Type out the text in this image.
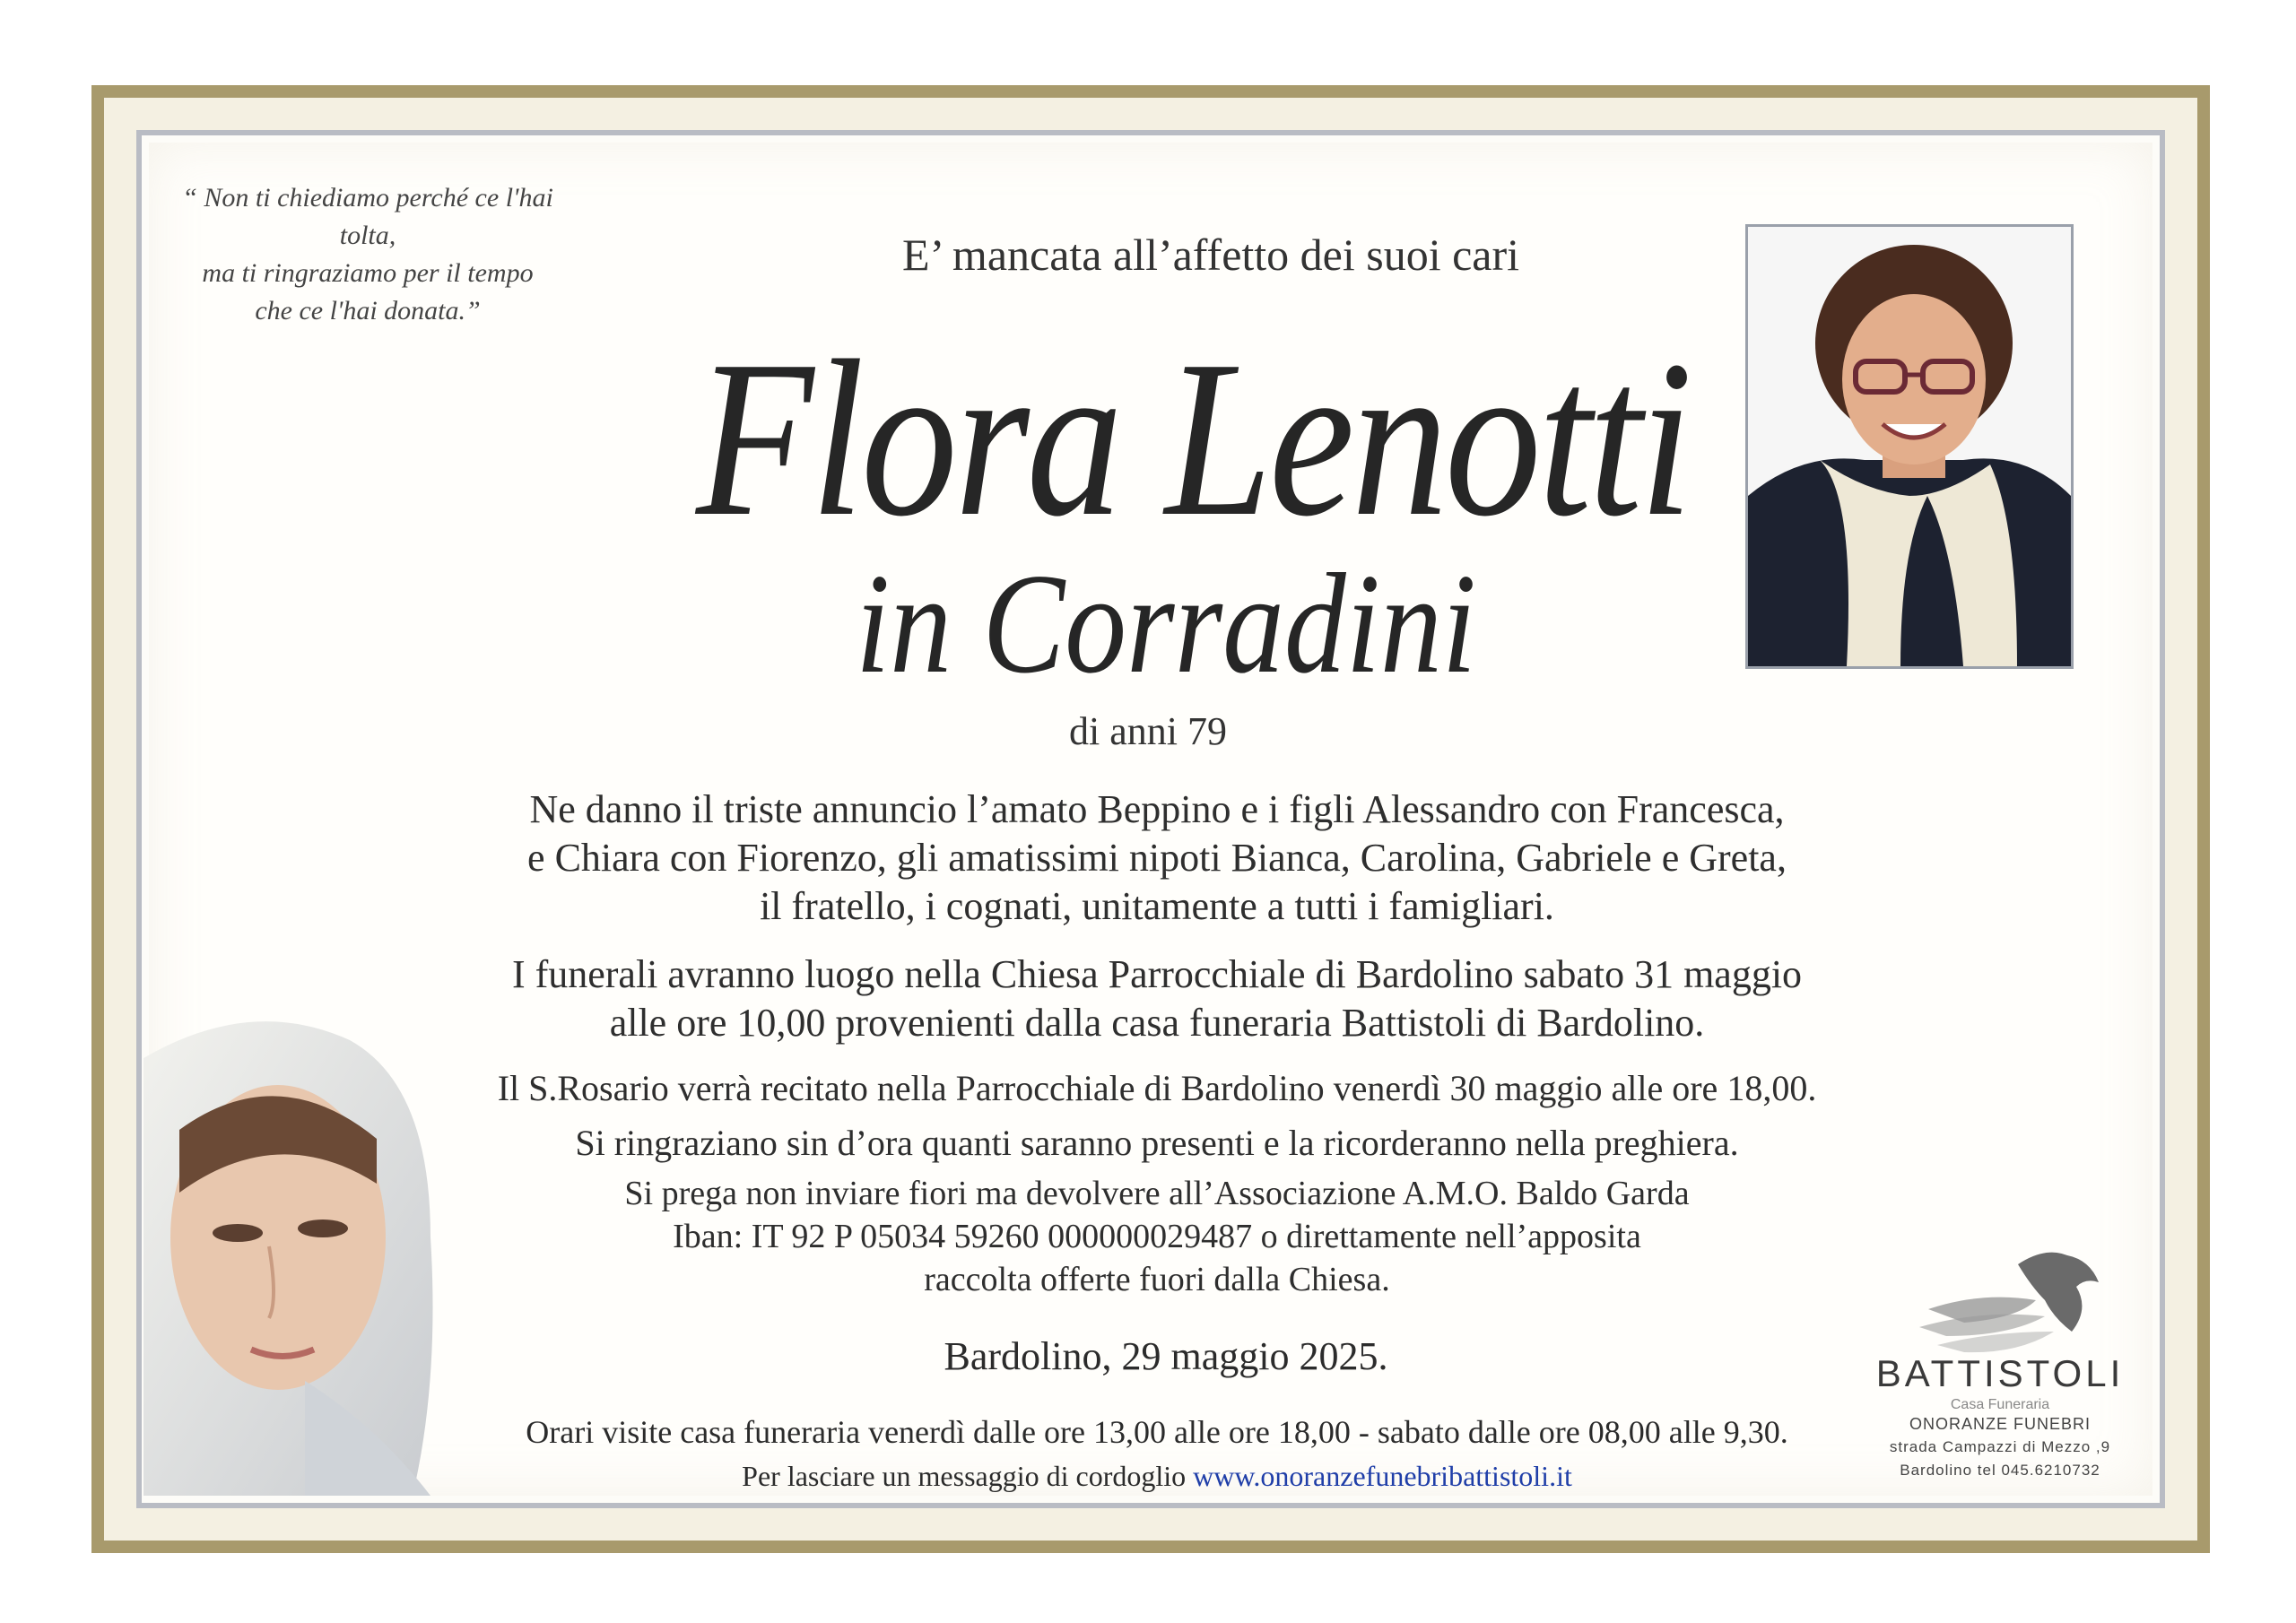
“ Non ti chiediamo perché ce l'hai tolta,
ma ti ringraziamo per il tempo
che ce l'hai donata.”
E’ mancata all’affetto dei suoi cari
Flora Lenotti
in Corradini
di anni 79
Ne danno il triste annuncio l’amato Beppino e i figli Alessandro con Francesca,
e Chiara con Fiorenzo, gli amatissimi nipoti Bianca, Carolina, Gabriele e Greta,
il fratello, i cognati, unitamente a tutti i famigliari.
I funerali avranno luogo nella Chiesa Parrocchiale di Bardolino sabato 31 maggio
alle ore 10,00 provenienti dalla casa funeraria Battistoli di Bardolino.
Il S.Rosario verrà recitato nella Parrocchiale di Bardolino venerdì 30 maggio alle ore 18,00.
Si ringraziano sin d’ora quanti saranno presenti e la ricorderanno nella preghiera.
Si prega non inviare fiori ma devolvere all’Associazione A.M.O. Baldo Garda
Iban: IT 92 P 05034 59260 000000029487 o direttamente nell’apposita
raccolta offerte fuori dalla Chiesa.
Bardolino, 29 maggio 2025.
Orari visite casa funeraria venerdì dalle ore 13,00 alle ore 18,00 - sabato dalle ore 08,00 alle 9,30.
Per lasciare un messaggio di cordoglio www.onoranzefunebribattistoli.it
BATTISTOLI
Casa Funeraria
ONORANZE FUNEBRI
strada Campazzi di Mezzo ,9
Bardolino tel 045.6210732
